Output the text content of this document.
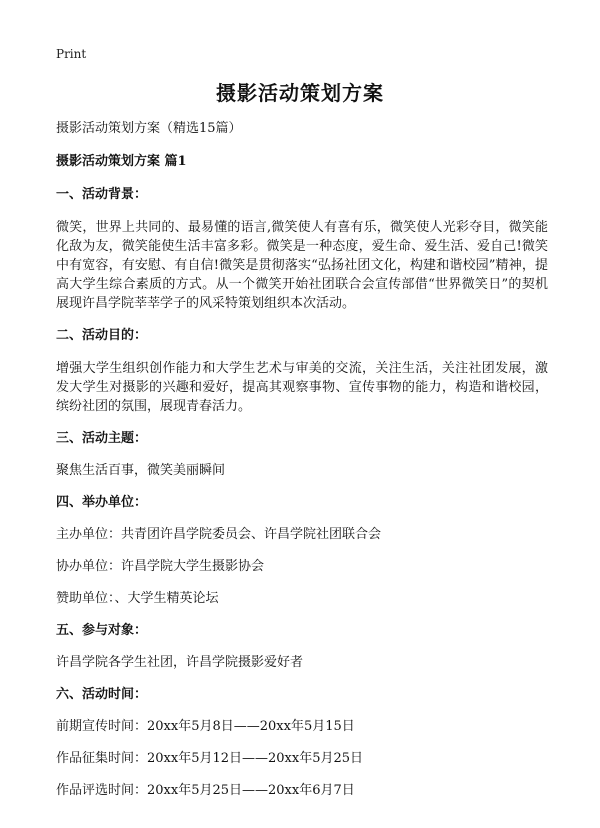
Print
摄影活动策划方案

摄影活动策划方案（精选15篇）

摄影活动策划方案 篇1

一、活动背景：

微笑，世界上共同的、最易懂的语言,微笑使人有喜有乐，微笑使人光彩夺目，微笑能化敌为友，微笑能使生活丰富多彩。微笑是一种态度，爱生命、爱生活、爱自己!微笑中有宽容，有安慰、有自信!微笑是贯彻落实“弘扬社团文化，构建和谐校园”精神，提高大学生综合素质的方式。从一个微笑开始社团联合会宣传部借“世界微笑日”的契机展现许昌学院莘莘学子的风采特策划组织本次活动。

二、活动目的：

增强大学生组织创作能力和大学生艺术与审美的交流，关注生活，关注社团发展，激发大学生对摄影的兴趣和爱好，提高其观察事物、宣传事物的能力，构造和谐校园，缤纷社团的氛围，展现青春活力。

三、活动主题：

聚焦生活百事，微笑美丽瞬间

四、举办单位：

主办单位：共青团许昌学院委员会、许昌学院社团联合会

协办单位：许昌学院大学生摄影协会

赞助单位：、大学生精英论坛

五、参与对象：

许昌学院各学生社团，许昌学院摄影爱好者

六、活动时间：

前期宣传时间：20xx年5月8日——20xx年5月15日

作品征集时间：20xx年5月12日——20xx年5月25日

作品评选时间：20xx年5月25日——20xx年6月7日
